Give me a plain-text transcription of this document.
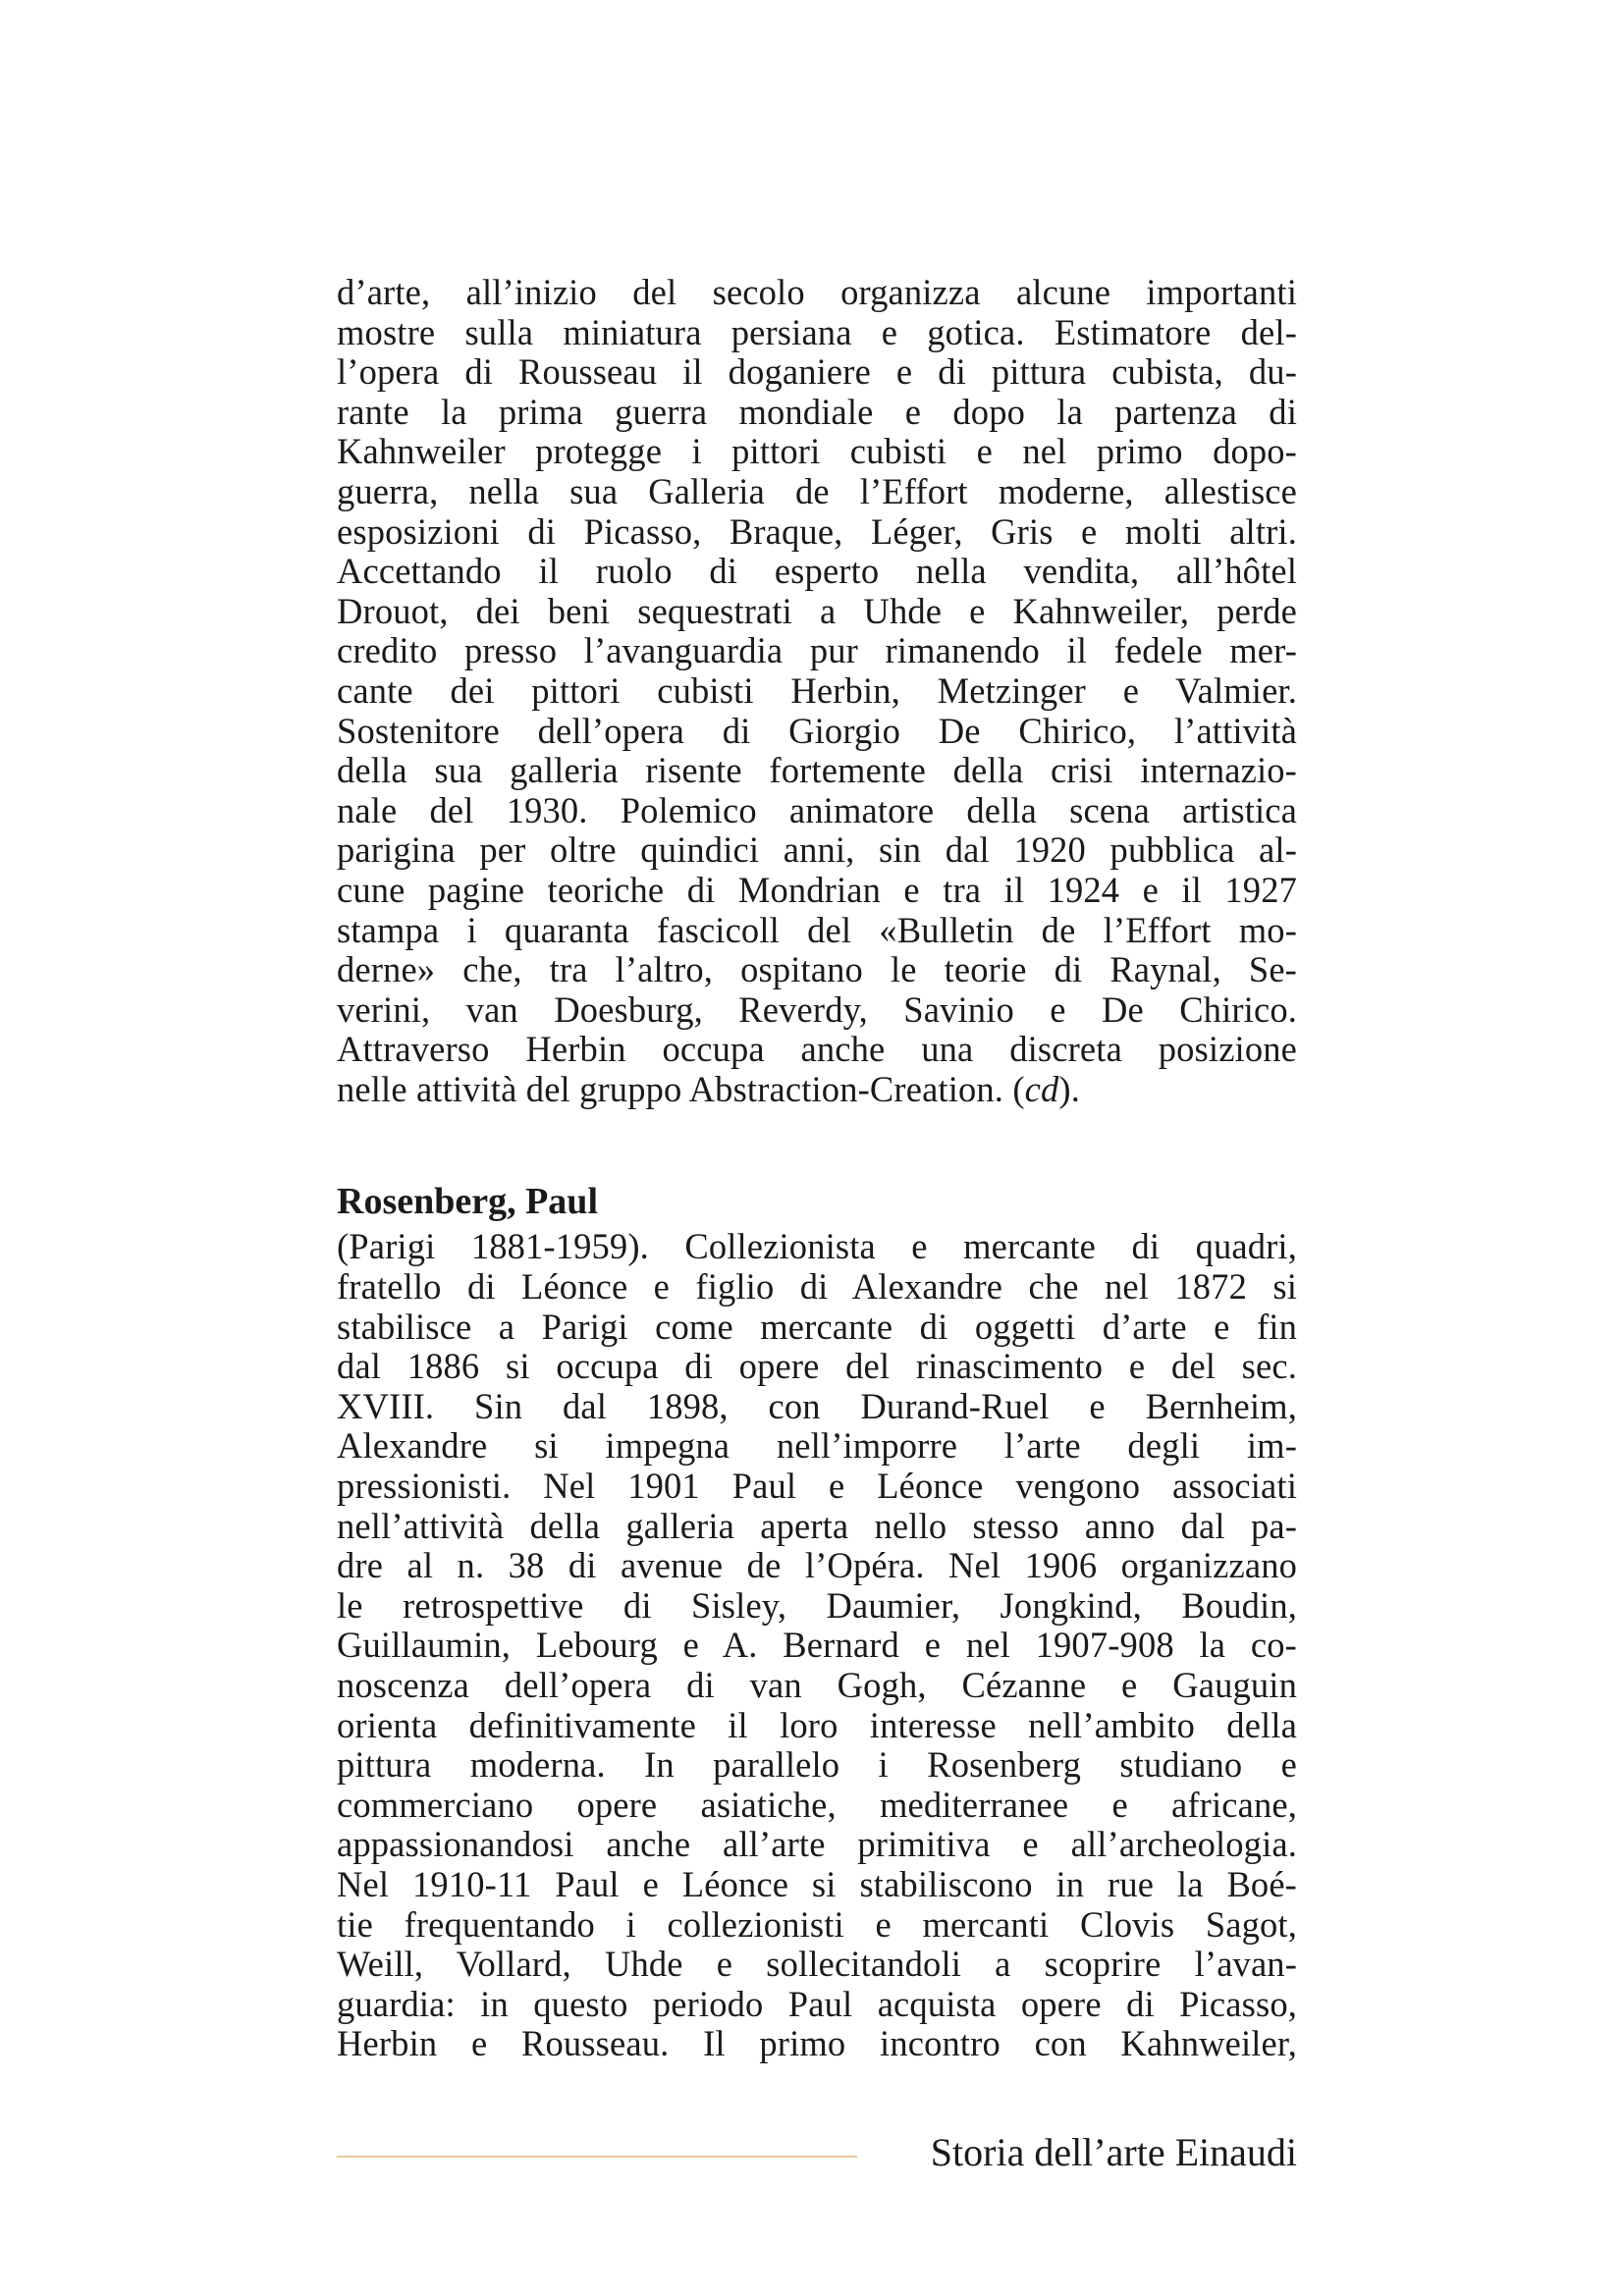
d’arte, all’inizio del secolo organizza alcune importanti
mostre sulla miniatura persiana e gotica. Estimatore del-
l’opera di Rousseau il doganiere e di pittura cubista, du-
rante la prima guerra mondiale e dopo la partenza di
Kahnweiler protegge i pittori cubisti e nel primo dopo-
guerra, nella sua Galleria de l’Effort moderne, allestisce
esposizioni di Picasso, Braque, Léger, Gris e molti altri.
Accettando il ruolo di esperto nella vendita, all’hôtel
Drouot, dei beni sequestrati a Uhde e Kahnweiler, perde
credito presso l’avanguardia pur rimanendo il fedele mer-
cante dei pittori cubisti Herbin, Metzinger e Valmier.
Sostenitore dell’opera di Giorgio De Chirico, l’attività
della sua galleria risente fortemente della crisi internazio-
nale del 1930. Polemico animatore della scena artistica
parigina per oltre quindici anni, sin dal 1920 pubblica al-
cune pagine teoriche di Mondrian e tra il 1924 e il 1927
stampa i quaranta fascicoll del «Bulletin de l’Effort mo-
derne» che, tra l’altro, ospitano le teorie di Raynal, Se-
verini, van Doesburg, Reverdy, Savinio e De Chirico.
Attraverso Herbin occupa anche una discreta posizione
nelle attività del gruppo Abstraction-Creation. (cd).
Rosenberg, Paul
(Parigi 1881-1959). Collezionista e mercante di quadri,
fratello di Léonce e figlio di Alexandre che nel 1872 si
stabilisce a Parigi come mercante di oggetti d’arte e fin
dal 1886 si occupa di opere del rinascimento e del sec.
XVIII. Sin dal 1898, con Durand-Ruel e Bernheim,
Alexandre si impegna nell’imporre l’arte degli im-
pressionisti. Nel 1901 Paul e Léonce vengono associati
nell’attività della galleria aperta nello stesso anno dal pa-
dre al n. 38 di avenue de l’Opéra. Nel 1906 organizzano
le retrospettive di Sisley, Daumier, Jongkind, Boudin,
Guillaumin, Lebourg e A. Bernard e nel 1907-908 la co-
noscenza dell’opera di van Gogh, Cézanne e Gauguin
orienta definitivamente il loro interesse nell’ambito della
pittura moderna. In parallelo i Rosenberg studiano e
commerciano opere asiatiche, mediterranee e africane,
appassionandosi anche all’arte primitiva e all’archeologia.
Nel 1910-11 Paul e Léonce si stabiliscono in rue la Boé-
tie frequentando i collezionisti e mercanti Clovis Sagot,
Weill, Vollard, Uhde e sollecitandoli a scoprire l’avan-
guardia: in questo periodo Paul acquista opere di Picasso,
Herbin e Rousseau. Il primo incontro con Kahnweiler,
Storia dell’arte Einaudi
